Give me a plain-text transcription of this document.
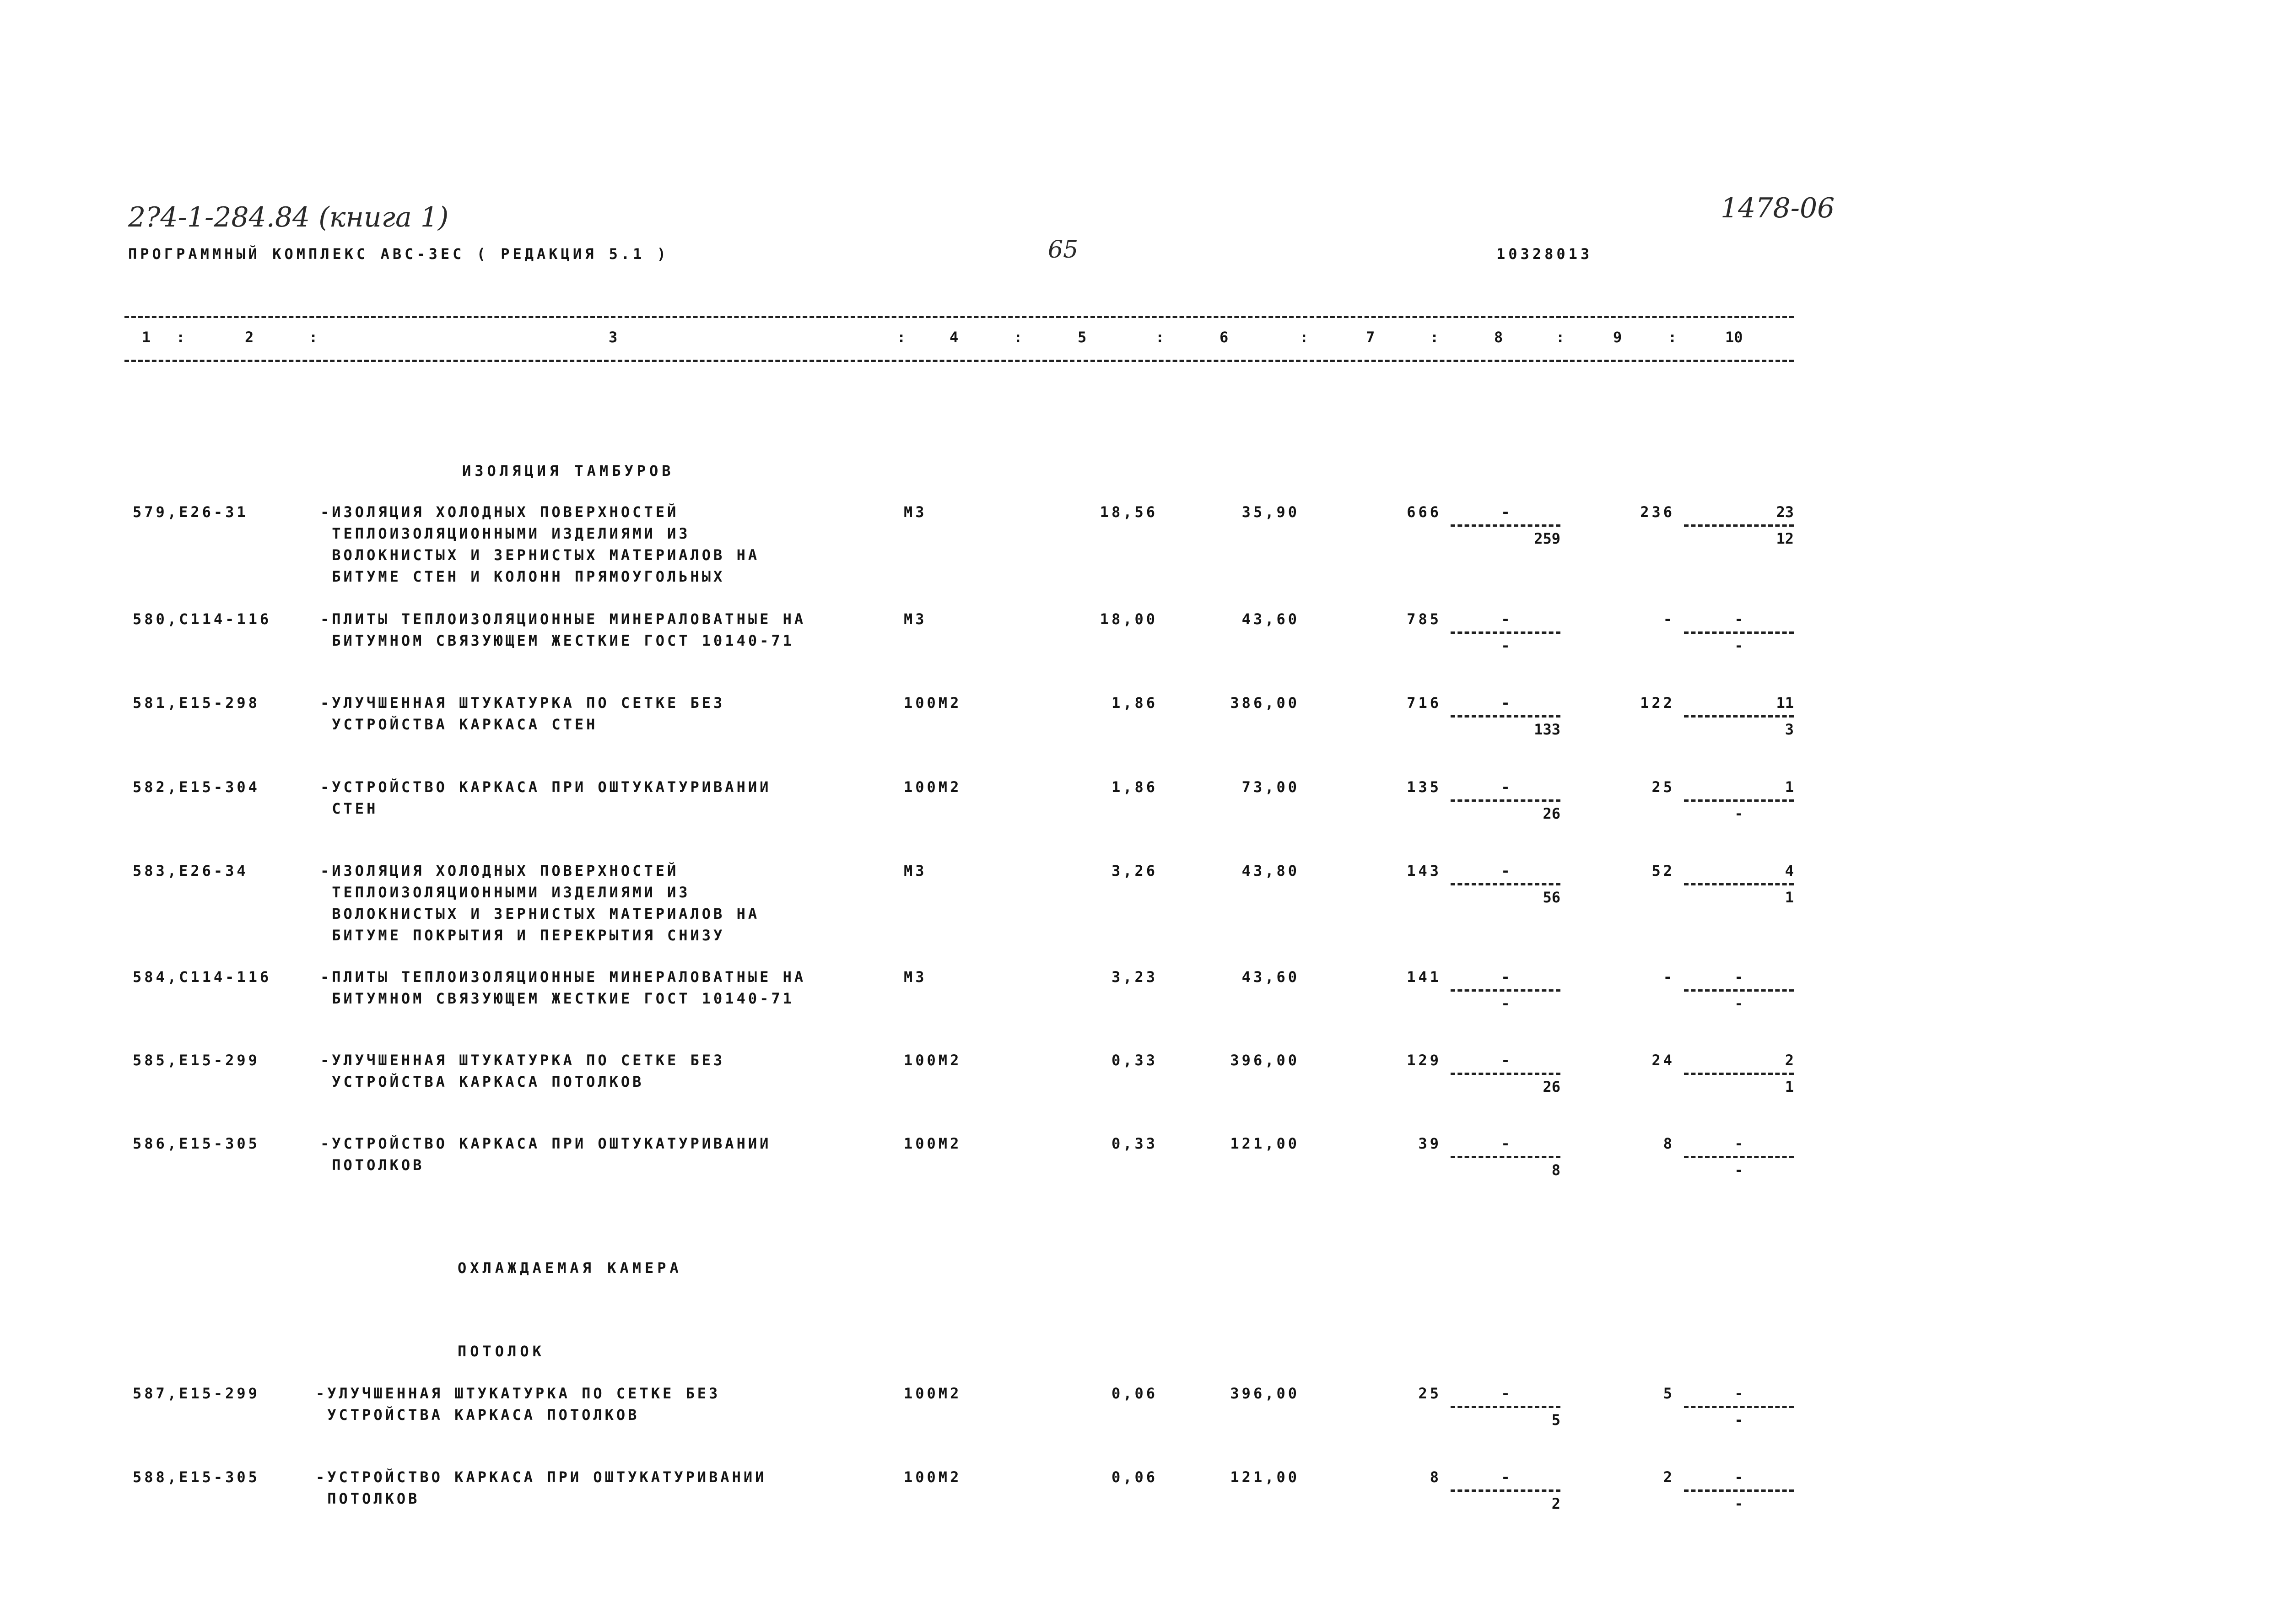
2?4-1-284.84 (книга 1)	1478-06
ПРОГРАММНЫЙ КОМПЛЕКС АВС-3ЕС ( РЕДАКЦИЯ 5.1 )	65	10328013
1	2	3	4	5	6	7	8	9	10
:	:	:	:	:	:	:	:	:
ИЗОЛЯЦИЯ ТАМБУРОВ
579,Е26-31	-ИЗОЛЯЦИЯ ХОЛОДНЫХ ПОВЕРХНОСТЕЙ
ТЕПЛОИЗОЛЯЦИОННЫМИ ИЗДЕЛИЯМИ ИЗ
ВОЛОКНИСТЫХ И ЗЕРНИСТЫХ МАТЕРИАЛОВ НА
БИТУМЕ СТЕН И КОЛОНН ПРЯМОУГОЛЬНЫХ
М3	18,56	35,90	666	-
259
236	23
12
580,С114-116	-ПЛИТЫ ТЕПЛОИЗОЛЯЦИОННЫЕ МИНЕРАЛОВАТНЫЕ НА
БИТУМНОМ СВЯЗУЮЩЕМ ЖЕСТКИЕ ГОСТ 10140-71
М3	18,00	43,60	785	-
-
-	-
-
581,Е15-298	-УЛУЧШЕННАЯ ШТУКАТУРКА ПО СЕТКЕ БЕЗ
УСТРОЙСТВА КАРКАСА СТЕН
100М2	1,86	386,00	716	-
133
122	11
3
582,Е15-304	-УСТРОЙСТВО КАРКАСА ПРИ ОШТУКАТУРИВАНИИ
СТЕН
100М2	1,86	73,00	135	-
26
25	1
-
583,Е26-34	-ИЗОЛЯЦИЯ ХОЛОДНЫХ ПОВЕРХНОСТЕЙ
ТЕПЛОИЗОЛЯЦИОННЫМИ ИЗДЕЛИЯМИ ИЗ
ВОЛОКНИСТЫХ И ЗЕРНИСТЫХ МАТЕРИАЛОВ НА
БИТУМЕ ПОКРЫТИЯ И ПЕРЕКРЫТИЯ СНИЗУ
М3	3,26	43,80	143	-
56
52	4
1
584,С114-116	-ПЛИТЫ ТЕПЛОИЗОЛЯЦИОННЫЕ МИНЕРАЛОВАТНЫЕ НА
БИТУМНОМ СВЯЗУЮЩЕМ ЖЕСТКИЕ ГОСТ 10140-71
М3	3,23	43,60	141	-
-
-	-
-
585,Е15-299	-УЛУЧШЕННАЯ ШТУКАТУРКА ПО СЕТКЕ БЕЗ
УСТРОЙСТВА КАРКАСА ПОТОЛКОВ
100М2	0,33	396,00	129	-
26
24	2
1
586,Е15-305	-УСТРОЙСТВО КАРКАСА ПРИ ОШТУКАТУРИВАНИИ
ПОТОЛКОВ
100М2	0,33	121,00	39	-
8
8	-
-
ОХЛАЖДАЕМАЯ КАМЕРА
ПОТОЛОК
587,Е15-299	-УЛУЧШЕННАЯ ШТУКАТУРКА ПО СЕТКЕ БЕЗ
УСТРОЙСТВА КАРКАСА ПОТОЛКОВ
100М2	0,06	396,00	25	-
5
5	-
-
588,Е15-305	-УСТРОЙСТВО КАРКАСА ПРИ ОШТУКАТУРИВАНИИ
ПОТОЛКОВ
100М2	0,06	121,00	8	-
2
2	-
-
